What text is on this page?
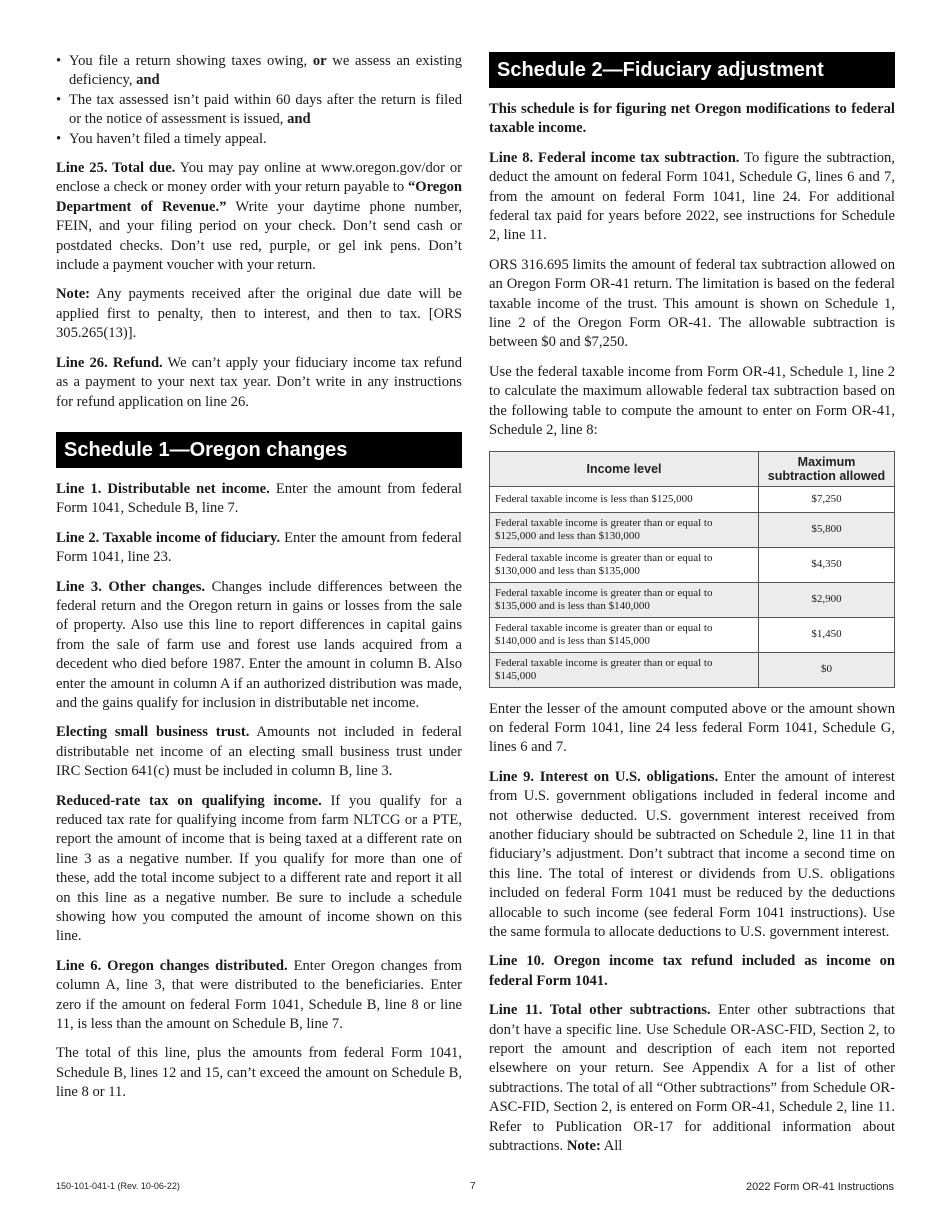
• You file a return showing taxes owing, or we assess an existing deficiency, and
• The tax assessed isn’t paid within 60 days after the return is filed or the notice of assessment is issued, and
• You haven’t filed a timely appeal.

Line 25. Total due. You may pay online at www.oregon.gov/dor or enclose a check or money order with your return payable to “Oregon Department of Revenue.” Write your daytime phone number, FEIN, and your filing period on your check. Don’t send cash or postdated checks. Don’t use red, purple, or gel ink pens. Don’t include a payment voucher with your return.

Note: Any payments received after the original due date will be applied first to penalty, then to interest, and then to tax. [ORS 305.265(13)].

Line 26. Refund. We can’t apply your fiduciary income tax refund as a payment to your next tax year. Don’t write in any instructions for refund application on line 26.

Schedule 1—Oregon changes

Line 1. Distributable net income. Enter the amount from federal Form 1041, Schedule B, line 7.

Line 2. Taxable income of fiduciary. Enter the amount from federal Form 1041, line 23.

Line 3. Other changes. Changes include differences between the federal return and the Oregon return in gains or losses from the sale of property. Also use this line to report differences in capital gains from the sale of farm use and forest use lands acquired from a decedent who died before 1987. Enter the amount in column B. Also enter the amount in column A if an authorized distribution was made, and the gains qualify for inclusion in distributable net income.

Electing small business trust. Amounts not included in federal distributable net income of an electing small business trust under IRC Section 641(c) must be included in column B, line 3.

Reduced-rate tax on qualifying income. If you qualify for a reduced tax rate for qualifying income from farm NLTCG or a PTE, report the amount of income that is being taxed at a different rate on line 3 as a negative number. If you qualify for more than one of these, add the total income subject to a different rate and report it all on this line as a negative number. Be sure to include a schedule showing how you computed the amount of income shown on this line.

Line 6. Oregon changes distributed. Enter Oregon changes from column A, line 3, that were distributed to the beneficiaries. Enter zero if the amount on federal Form 1041, Schedule B, line 8 or line 11, is less than the amount on Schedule B, line 7.

The total of this line, plus the amounts from federal Form 1041, Schedule B, lines 12 and 15, can’t exceed the amount on Schedule B, line 8 or 11.

Schedule 2—Fiduciary adjustment

This schedule is for figuring net Oregon modifications to federal taxable income.

Line 8. Federal income tax subtraction. To figure the subtraction, deduct the amount on federal Form 1041, Schedule G, lines 6 and 7, from the amount on federal Form 1041, line 24. For additional federal tax paid for years before 2022, see instructions for Schedule 2, line 11.

ORS 316.695 limits the amount of federal tax subtraction allowed on an Oregon Form OR-41 return. The limitation is based on the federal taxable income of the trust. This amount is shown on Schedule 1, line 2 of the Oregon Form OR-41. The allowable subtraction is between $0 and $7,250.

Use the federal taxable income from Form OR-41, Schedule 1, line 2 to calculate the maximum allowable federal tax subtraction based on the following table to compute the amount to enter on Form OR-41, Schedule 2, line 8:

Income level	Maximum subtraction allowed
Federal taxable income is less than $125,000	$7,250
Federal taxable income is greater than or equal to $125,000 and less than $130,000	$5,800
Federal taxable income is greater than or equal to $130,000 and less than $135,000	$4,350
Federal taxable income is greater than or equal to $135,000 and is less than $140,000	$2,900
Federal taxable income is greater than or equal to $140,000 and is less than $145,000	$1,450
Federal taxable income is greater than or equal to $145,000	$0

Enter the lesser of the amount computed above or the amount shown on federal Form 1041, line 24 less federal Form 1041, Schedule G, lines 6 and 7.

Line 9. Interest on U.S. obligations. Enter the amount of interest from U.S. government obligations included in federal income and not otherwise deducted. U.S. government interest received from another fiduciary should be subtracted on Schedule 2, line 11 in that fiduciary’s adjustment. Don’t subtract that income a second time on this line. The total of interest or dividends from U.S. obligations included on federal Form 1041 must be reduced by the deductions allocable to such income (see federal Form 1041 instructions). Use the same formula to allocate deductions to U.S. government interest.

Line 10. Oregon income tax refund included as income on federal Form 1041.

Line 11. Total other subtractions. Enter other subtractions that don’t have a specific line. Use Schedule OR-ASC-FID, Section 2, to report the amount and description of each item not reported elsewhere on your return. See Appendix A for a list of other subtractions. The total of all “Other subtractions” from Schedule OR-ASC-FID, Section 2, is entered on Form OR-41, Schedule 2, line 11. Refer to Publication OR-17 for additional information about subtractions. Note: All

150-101-041-1 (Rev. 10-06-22)	7	2022 Form OR-41 Instructions
